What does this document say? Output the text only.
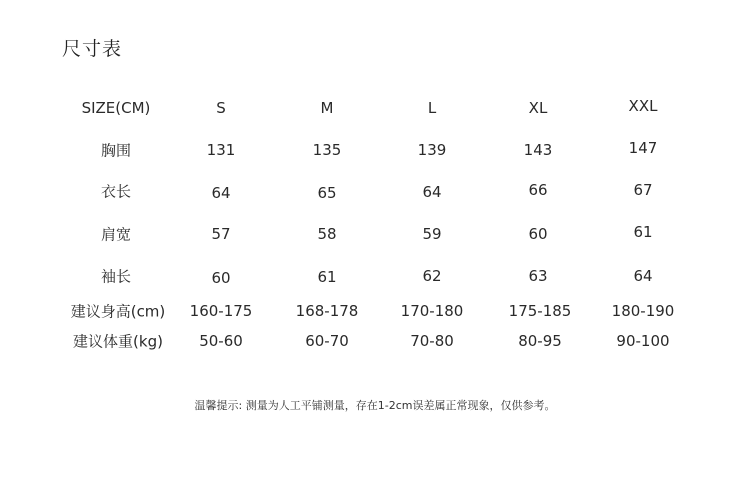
尺寸表
SIZE(CM)	S	M	L	XL	XXL
胸围	131	135	139	143	147
衣长	64	65	64	66	67
肩宽	57	58	59	60	61
袖长	60	61	62	63	64
建议身高(cm) 160-175	168-178	170-180	175-185	180-190
建议体重(kg) 50-60	60-70	70-80	80-95	90-100
温馨提示: 测量为人工平铺测量，存在1-2cm误差属正常现象，仅供参考。
